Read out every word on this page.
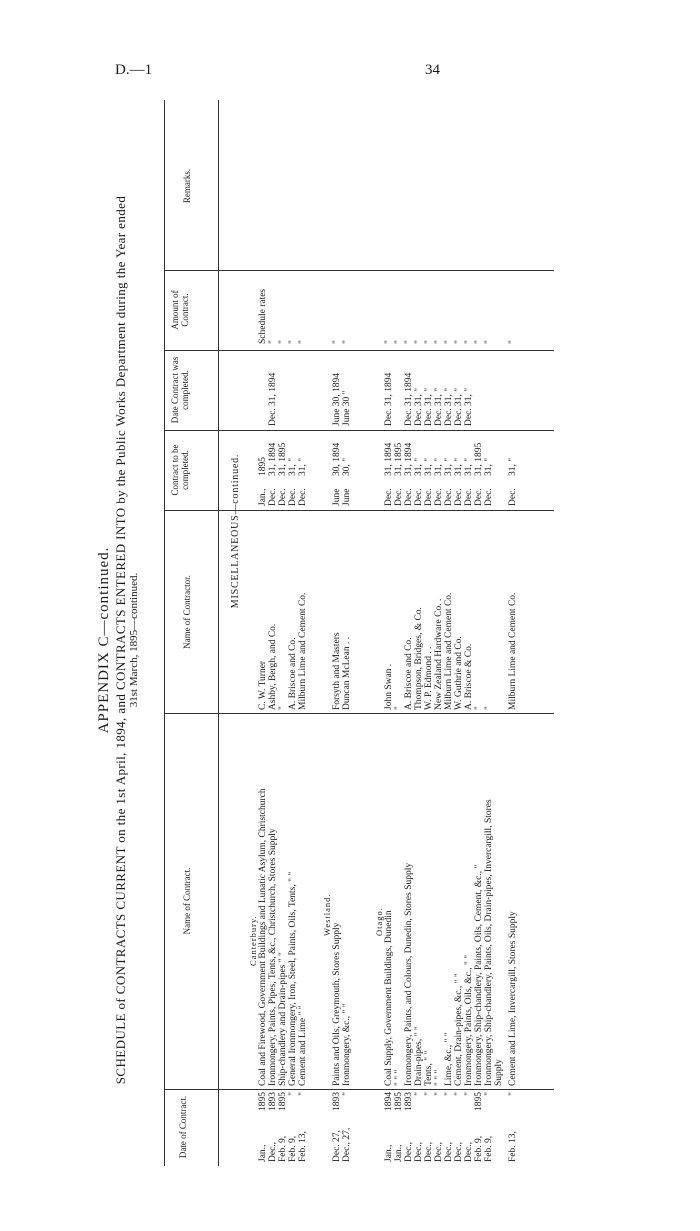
D.—1	34
APPENDIX C—continued. SCHEDULE of CONTRACTS CURRENT on the 1st April, 1894, and CONTRACTS ENTERED INTO by the Public Works Department during the Year ended 31st March, 1895—continued.
Date of Contract.
Name of Contract.
Name of Contractor.
Contract to be completed.
Date Contract was completed.
Amount of Contract.
Remarks.
MISCELLANEOUS—continued.
Canterbury.
Westland.	Otago.
Jan.,
1895
Coal and Firewood, Government Buildings and Lunatic Asylum, Christchurch
C. W. Turner
Jan.,
1895
Schedule rates
Dec.,
1893
Ironmongery, Paints, Pipes, Tents, &c., Christchurch, Stores Supply
Ashby, Bergh, and Co.
Dec.
31, 1894
Dec. 31, 1894
"
Feb. 9,
1895
Ship-chandlery and Drain-pipes " "
"
Dec.
31, 1895
"
Feb. 9,
"
General Ironmongery, Iron, Steel, Paints, Oils, Tents, " "
A. Briscoe and Co.
Dec.
31, "
"
Feb. 13,
"
Cement and Lime " "
Milburn Lime and Cement Co.
Dec.
31, "
"
Dec. 27,
1893
Paints and Oils, Greymouth, Stores Supply
Forsyth and Masters
June
30, 1894
June 30, 1894
"
Dec., 27,
"
Ironmongery, &c., " "
Duncan McLean . .
June
30, "
June 30 "
"
Jan.,
1894
Coal Supply, Government Buildings, Dunedin
John Swan .
Dec.
31, 1894
Dec. 31, 1894
"
Jan.,
1895
" " "
"
Dec.
31, 1895
"
Dec.,
1893
Ironmongery, Paints, and Colours, Dunedin, Stores Supply
A. Briscoe and Co.
Dec.
31, 1894
Dec. 31, 1894
"
Dec.,
"
Drain-pipes, " "
Thompson, Bridges, & Co.
Dec.
31, "
Dec. 31, "
"
Dec.,
"
Tents, " "
W. P. Edmond . .
Dec.
31, "
Dec. 31, "
"
Dec.,
"
" " "
New Zealand Hardware Co. .
Dec.
31, "
Dec. 31, "
"
Dec.,
"
Lime, &c., " "
Milburn Lime and Cement Co.
Dec.
31, "
Dec. 31, "
"
Dec.,
"
Cement, Drain-pipes, &c., " "
W. Guthrie and Co.
Dec.
31, "
Dec. 31, "
"
Dec.,
"
Ironmongery, Paints, Oils, &c., " "
A. Briscoe & Co.
Dec.
31, "
Dec. 31, "
"
Feb. 9,
1895
Ironmongery, Ship-chandlery, Paints, Oils, Cement, &c., "
"
Dec.
31, 1895
"
Feb. 9,
"
Ironmongery, Ship-chandlery, Paints, Oils, Drain-pipes, Invercargill, Stores
"
Dec.
31, "
"
Supply
Feb. 13,
"
Cement and Lime, Invercargill, Stores Supply
Milburn Lime and Cement Co.
Dec.
31, "
"
